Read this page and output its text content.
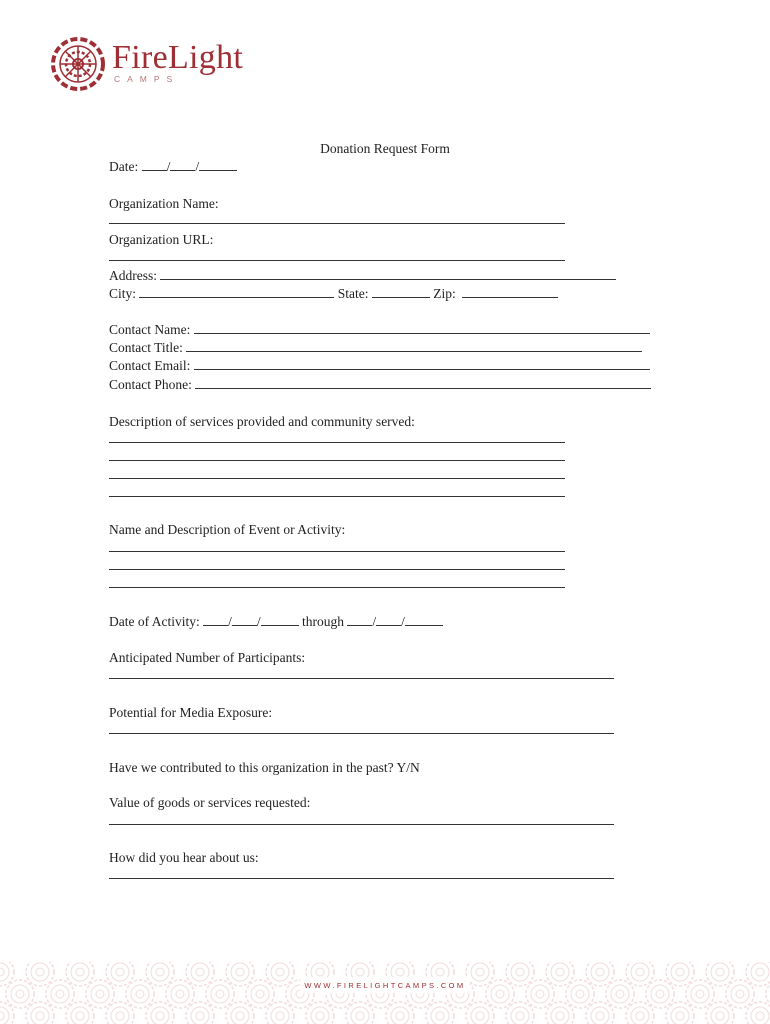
FireLight
CAMPS
Donation Request Form
Date: / /
Organization Name:
Organization URL:
Address:
City:	State:	Zip:
Contact Name:
Contact Title:
Contact Email:
Contact Phone:
Description of services provided and community served:
Name and Description of Event or Activity:
Date of Activity: / /	through / /
Anticipated Number of Participants:
Potential for Media Exposure:
Have we contributed to this organization in the past? Y/N
Value of goods or services requested:
How did you hear about us:
WWW.FIRELIGHTCAMPS.COM
